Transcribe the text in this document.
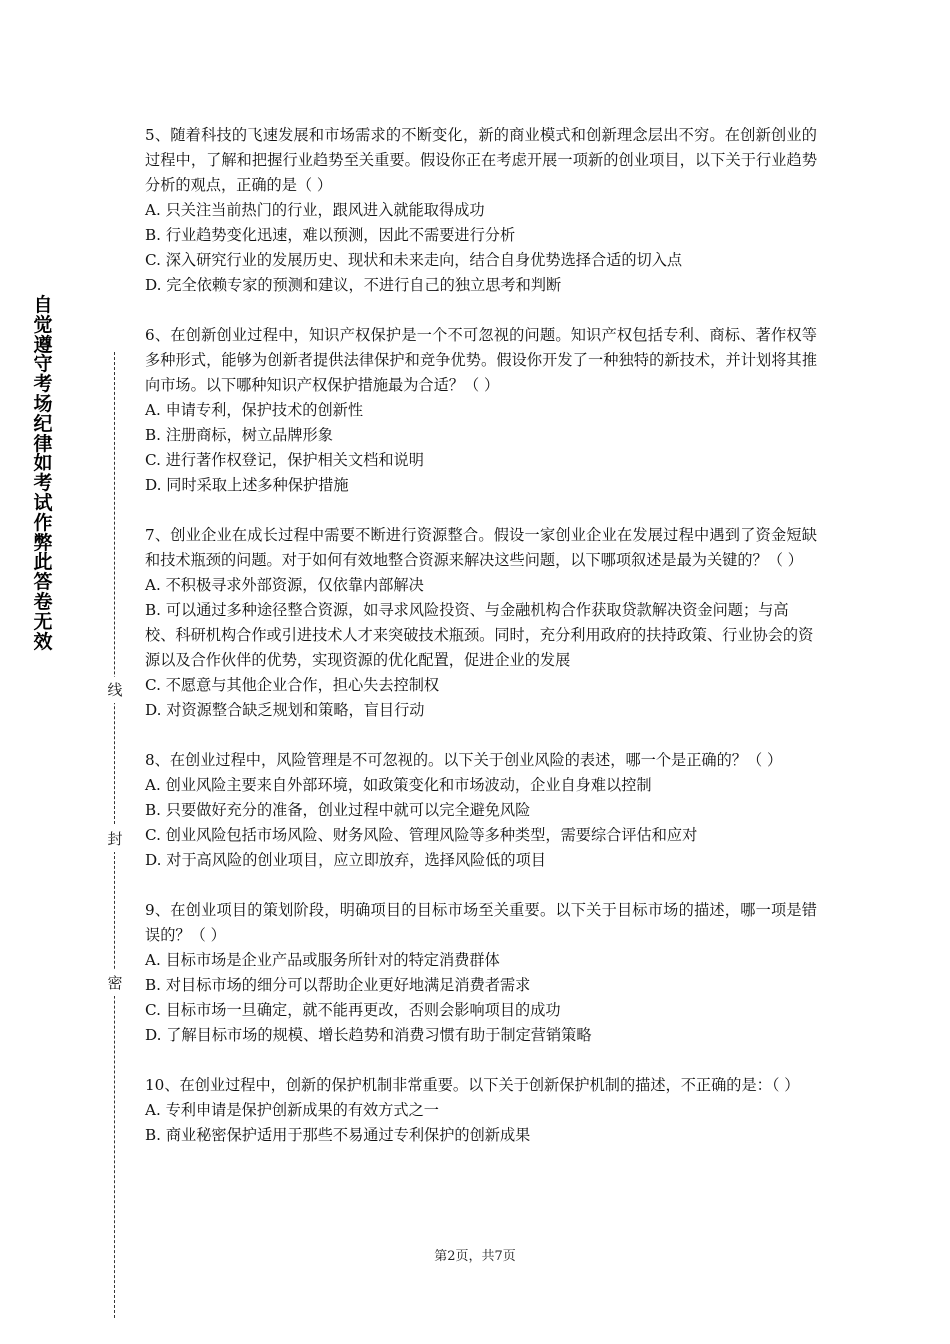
自觉遵守考场纪律如考试作弊此答卷无效
线
封
密
5、随着科技的飞速发展和市场需求的不断变化，新的商业模式和创新理念层出不穷。在创新创业的过程中，了解和把握行业趋势至关重要。假设你正在考虑开展一项新的创业项目，以下关于行业趋势分析的观点，正确的是（ ）
A. 只关注当前热门的行业，跟风进入就能取得成功
B. 行业趋势变化迅速，难以预测，因此不需要进行分析
C. 深入研究行业的发展历史、现状和未来走向，结合自身优势选择合适的切入点
D. 完全依赖专家的预测和建议，不进行自己的独立思考和判断
6、在创新创业过程中，知识产权保护是一个不可忽视的问题。知识产权包括专利、商标、著作权等多种形式，能够为创新者提供法律保护和竞争优势。假设你开发了一种独特的新技术，并计划将其推向市场。以下哪种知识产权保护措施最为合适？（ ）
A. 申请专利，保护技术的创新性
B. 注册商标，树立品牌形象
C. 进行著作权登记，保护相关文档和说明
D. 同时采取上述多种保护措施
7、创业企业在成长过程中需要不断进行资源整合。假设一家创业企业在发展过程中遇到了资金短缺和技术瓶颈的问题。对于如何有效地整合资源来解决这些问题，以下哪项叙述是最为关键的？（ ）
A. 不积极寻求外部资源，仅依靠内部解决
B. 可以通过多种途径整合资源，如寻求风险投资、与金融机构合作获取贷款解决资金问题；与高校、科研机构合作或引进技术人才来突破技术瓶颈。同时，充分利用政府的扶持政策、行业协会的资源以及合作伙伴的优势，实现资源的优化配置，促进企业的发展
C. 不愿意与其他企业合作，担心失去控制权
D. 对资源整合缺乏规划和策略，盲目行动
8、在创业过程中，风险管理是不可忽视的。以下关于创业风险的表述，哪一个是正确的？（ ）
A. 创业风险主要来自外部环境，如政策变化和市场波动，企业自身难以控制
B. 只要做好充分的准备，创业过程中就可以完全避免风险
C. 创业风险包括市场风险、财务风险、管理风险等多种类型，需要综合评估和应对
D. 对于高风险的创业项目，应立即放弃，选择风险低的项目
9、在创业项目的策划阶段，明确项目的目标市场至关重要。以下关于目标市场的描述，哪一项是错误的？（ ）
A. 目标市场是企业产品或服务所针对的特定消费群体
B. 对目标市场的细分可以帮助企业更好地满足消费者需求
C. 目标市场一旦确定，就不能再更改，否则会影响项目的成功
D. 了解目标市场的规模、增长趋势和消费习惯有助于制定营销策略
10、在创业过程中，创新的保护机制非常重要。以下关于创新保护机制的描述，不正确的是：（ ）
A. 专利申请是保护创新成果的有效方式之一
B. 商业秘密保护适用于那些不易通过专利保护的创新成果
第2页，共7页
